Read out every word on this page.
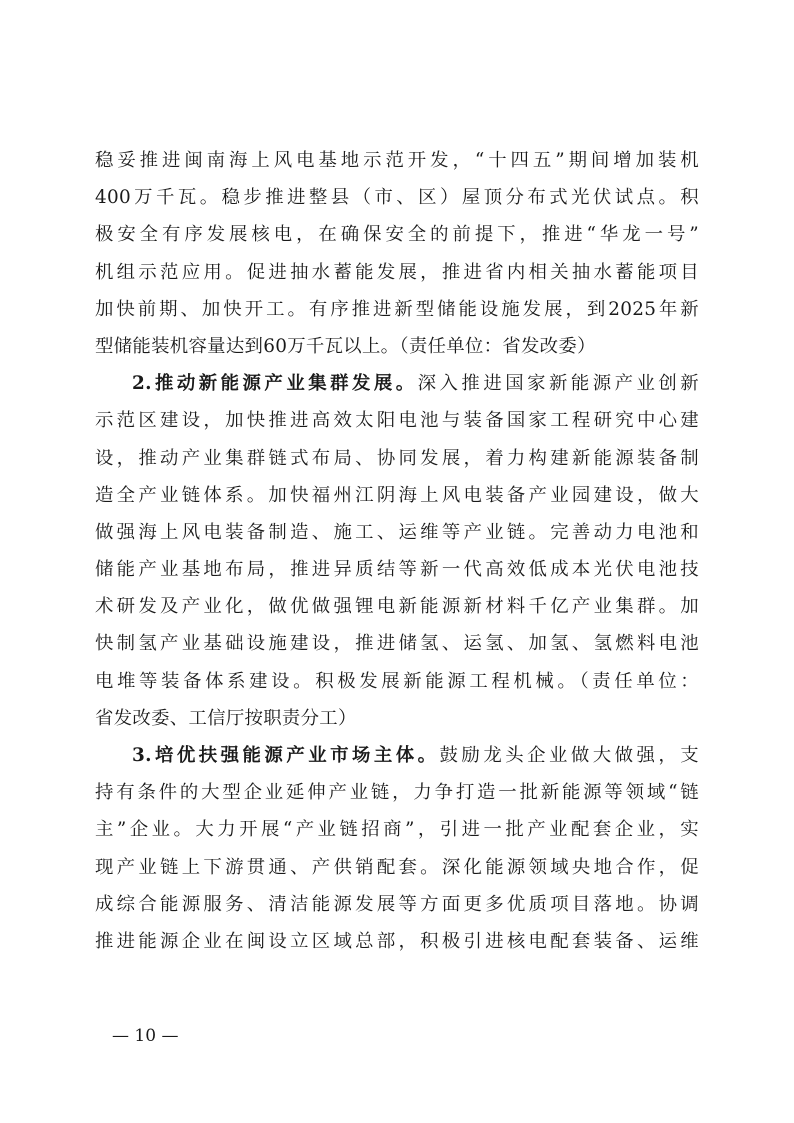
稳妥推进闽南海上风电基地示范开发，“十四五”期间增加装机
400万千瓦。稳步推进整县（市、区）屋顶分布式光伏试点。积
极安全有序发展核电，在确保安全的前提下，推进“华龙一号”
机组示范应用。促进抽水蓄能发展，推进省内相关抽水蓄能项目
加快前期、加快开工。有序推进新型储能设施发展，到2025年新
型储能装机容量达到60万千瓦以上。（责任单位：省发改委）
2.推动新能源产业集群发展。深入推进国家新能源产业创新
示范区建设，加快推进高效太阳电池与装备国家工程研究中心建
设，推动产业集群链式布局、协同发展，着力构建新能源装备制
造全产业链体系。加快福州江阴海上风电装备产业园建设，做大
做强海上风电装备制造、施工、运维等产业链。完善动力电池和
储能产业基地布局，推进异质结等新一代高效低成本光伏电池技
术研发及产业化，做优做强锂电新能源新材料千亿产业集群。加
快制氢产业基础设施建设，推进储氢、运氢、加氢、氢燃料电池
电堆等装备体系建设。积极发展新能源工程机械。（责任单位：
省发改委、工信厅按职责分工）
3.培优扶强能源产业市场主体。鼓励龙头企业做大做强，支
持有条件的大型企业延伸产业链，力争打造一批新能源等领域“链
主”企业。大力开展“产业链招商”，引进一批产业配套企业，实
现产业链上下游贯通、产供销配套。深化能源领域央地合作，促
成综合能源服务、清洁能源发展等方面更多优质项目落地。协调
推进能源企业在闽设立区域总部，积极引进核电配套装备、运维
— 10 —
